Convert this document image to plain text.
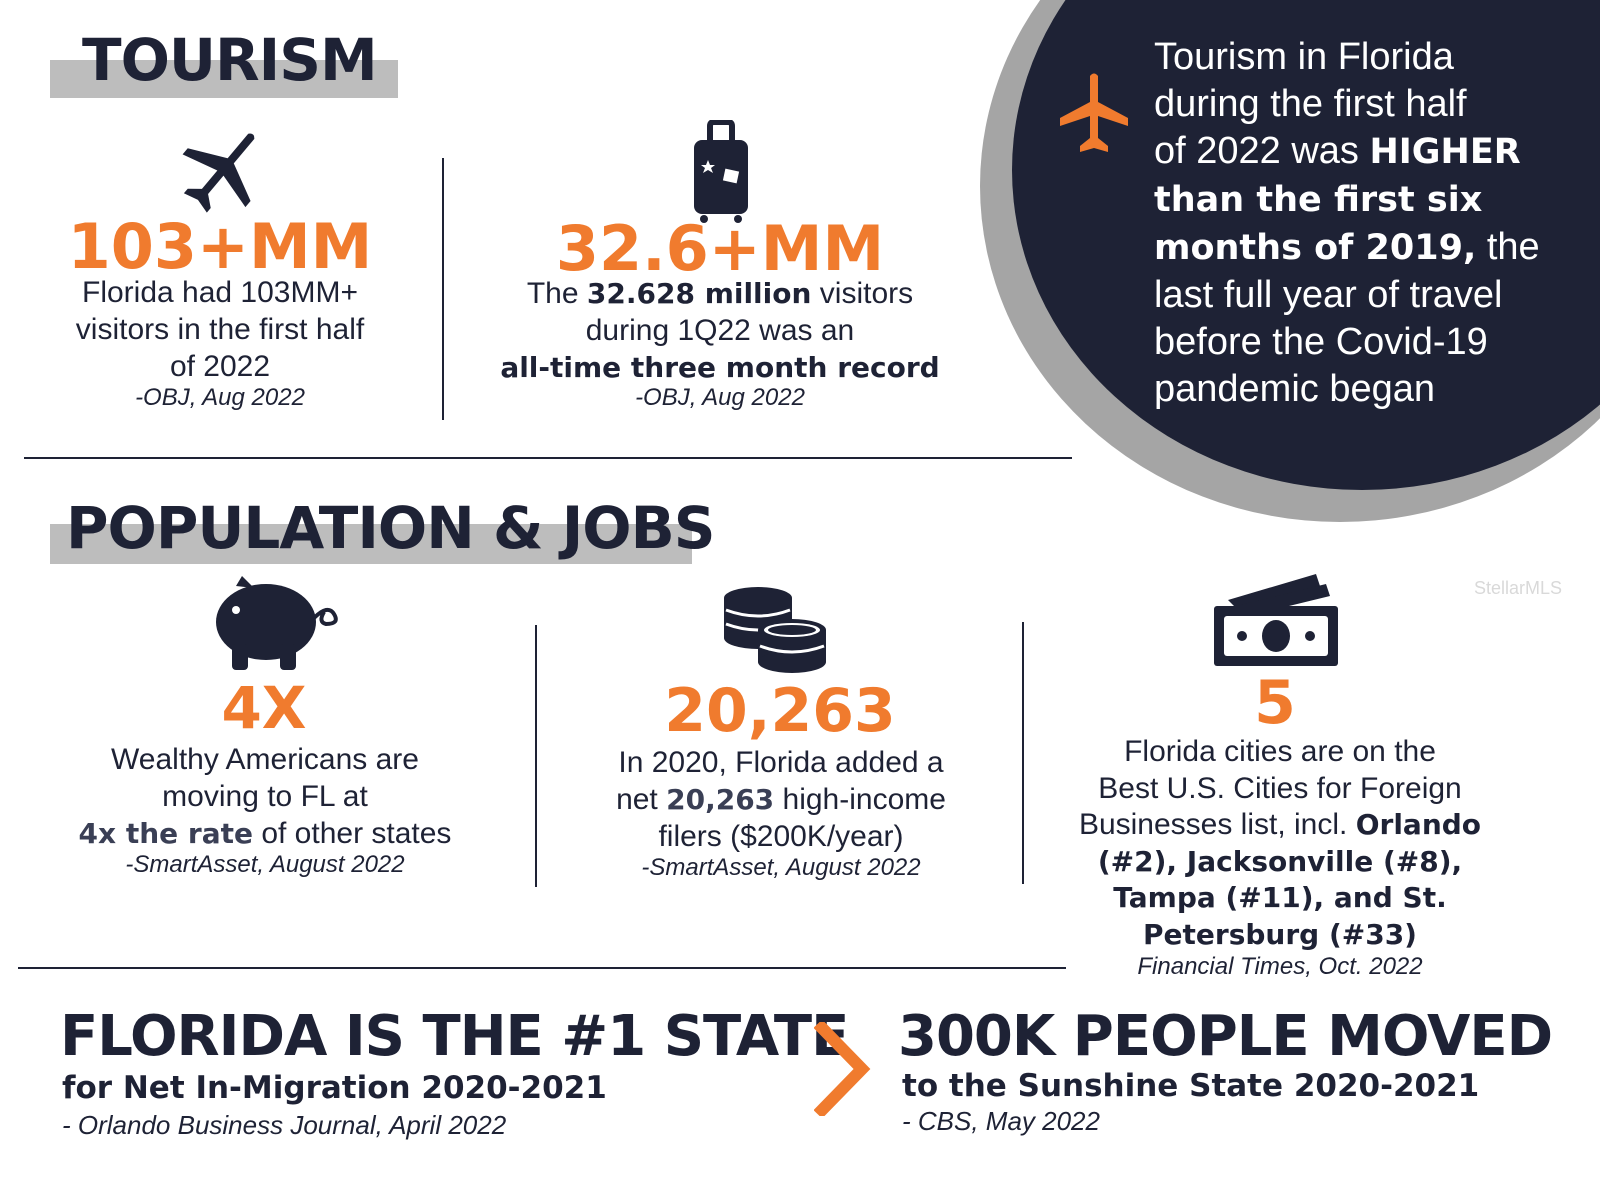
Tourism in Florida
during the first half
of 2022 was HIGHER
than the first six
months of 2019, the
last full year of travel
before the Covid-19
pandemic began
TOURISM
103+MM
Florida had 103MM+
visitors in the first half
of 2022
-OBJ, Aug 2022
32.6+MM
The 32.628 million visitors
during 1Q22 was an
all-time three month record
-OBJ, Aug 2022
POPULATION & JOBS
StellarMLS
4X
Wealthy Americans are
moving to FL at
4x the rate of other states
-SmartAsset, August 2022
20,263
In 2020, Florida added a
net 20,263 high-income
filers ($200K/year)
-SmartAsset, August 2022
5
Florida cities are on the
Best U.S. Cities for Foreign
Businesses list, incl. Orlando
(#2), Jacksonville (#8),
Tampa (#11), and St.
Petersburg (#33)
Financial Times, Oct. 2022
FLORIDA IS THE #1 STATE
for Net In-Migration 2020-2021
- Orlando Business Journal, April 2022
300K PEOPLE MOVED
to the Sunshine State 2020-2021
- CBS, May 2022
